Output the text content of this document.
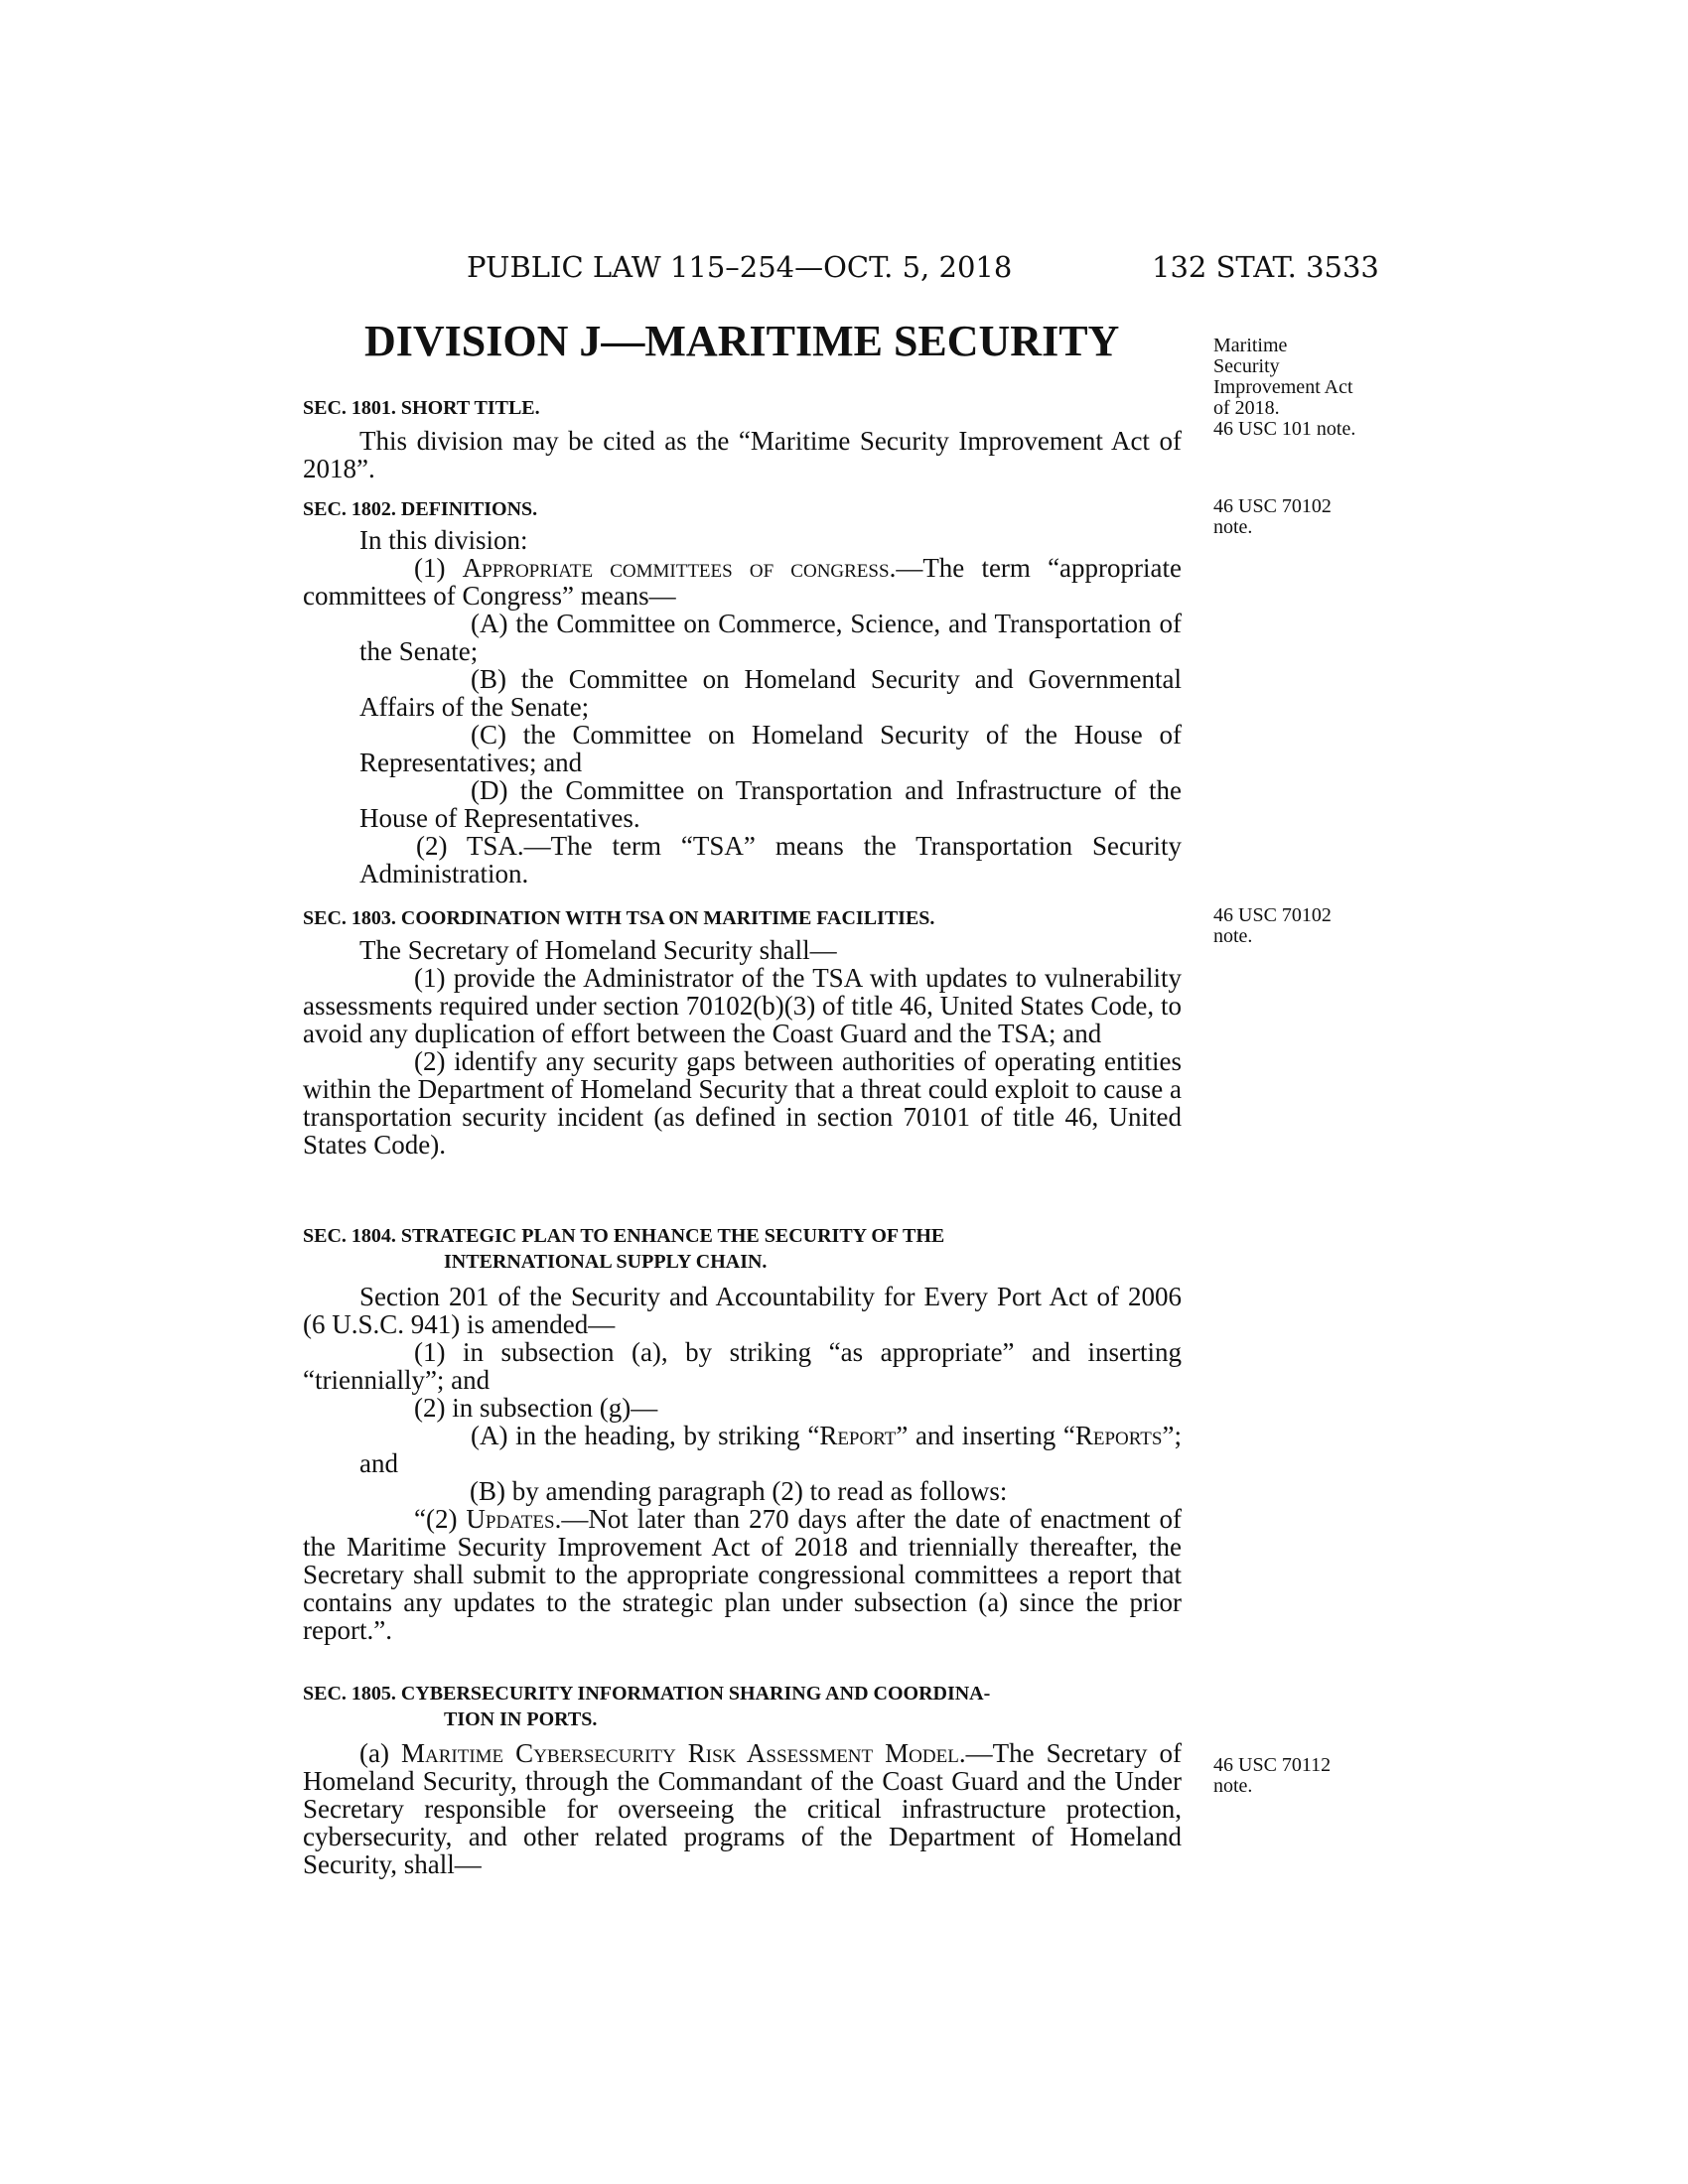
PUBLIC LAW 115–254—OCT. 5, 2018	132 STAT. 3533
DIVISION J—MARITIME SECURITY	Maritime
Security
Improvement Act
of 2018.
46 USC 101 note.
46 USC 70102
note.
46 USC 70102
note.
46 USC 70112
note.
SEC. 1801. SHORT TITLE.

This division may be cited as the “Maritime Security Improvement Act of 2018”.

SEC. 1802. DEFINITIONS.

In this division:

(1) Appropriate committees of congress.—The term “appropriate committees of Congress” means—

(A) the Committee on Commerce, Science, and Transportation of the Senate;

(B) the Committee on Homeland Security and Governmental Affairs of the Senate;

(C) the Committee on Homeland Security of the House of Representatives; and

(D) the Committee on Transportation and Infrastructure of the House of Representatives.

(2) TSA.—The term “TSA” means the Transportation Security Administration.

SEC. 1803. COORDINATION WITH TSA ON MARITIME FACILITIES.

The Secretary of Homeland Security shall—

(1) provide the Administrator of the TSA with updates to vulnerability assessments required under section 70102(b)(3) of title 46, United States Code, to avoid any duplication of effort between the Coast Guard and the TSA; and

(2) identify any security gaps between authorities of operating entities within the Department of Homeland Security that a threat could exploit to cause a transportation security incident (as defined in section 70101 of title 46, United States Code).

SEC. 1804. STRATEGIC PLAN TO ENHANCE THE SECURITY OF THE
INTERNATIONAL SUPPLY CHAIN.

Section 201 of the Security and Accountability for Every Port Act of 2006 (6 U.S.C. 941) is amended—

(1) in subsection (a), by striking “as appropriate” and inserting “triennially”; and

(2) in subsection (g)—

(A) in the heading, by striking “Report” and inserting “Reports”; and

(B) by amending paragraph (2) to read as follows:

“(2) Updates.—Not later than 270 days after the date of enactment of the Maritime Security Improvement Act of 2018 and triennially thereafter, the Secretary shall submit to the appropriate congressional committees a report that contains any updates to the strategic plan under subsection (a) since the prior report.”.

SEC. 1805. CYBERSECURITY INFORMATION SHARING AND COORDINA-
TION IN PORTS.

(a) Maritime Cybersecurity Risk Assessment Model.—The Secretary of Homeland Security, through the Commandant of the Coast Guard and the Under Secretary responsible for overseeing the critical infrastructure protection, cybersecurity, and other related programs of the Department of Homeland Security, shall—
